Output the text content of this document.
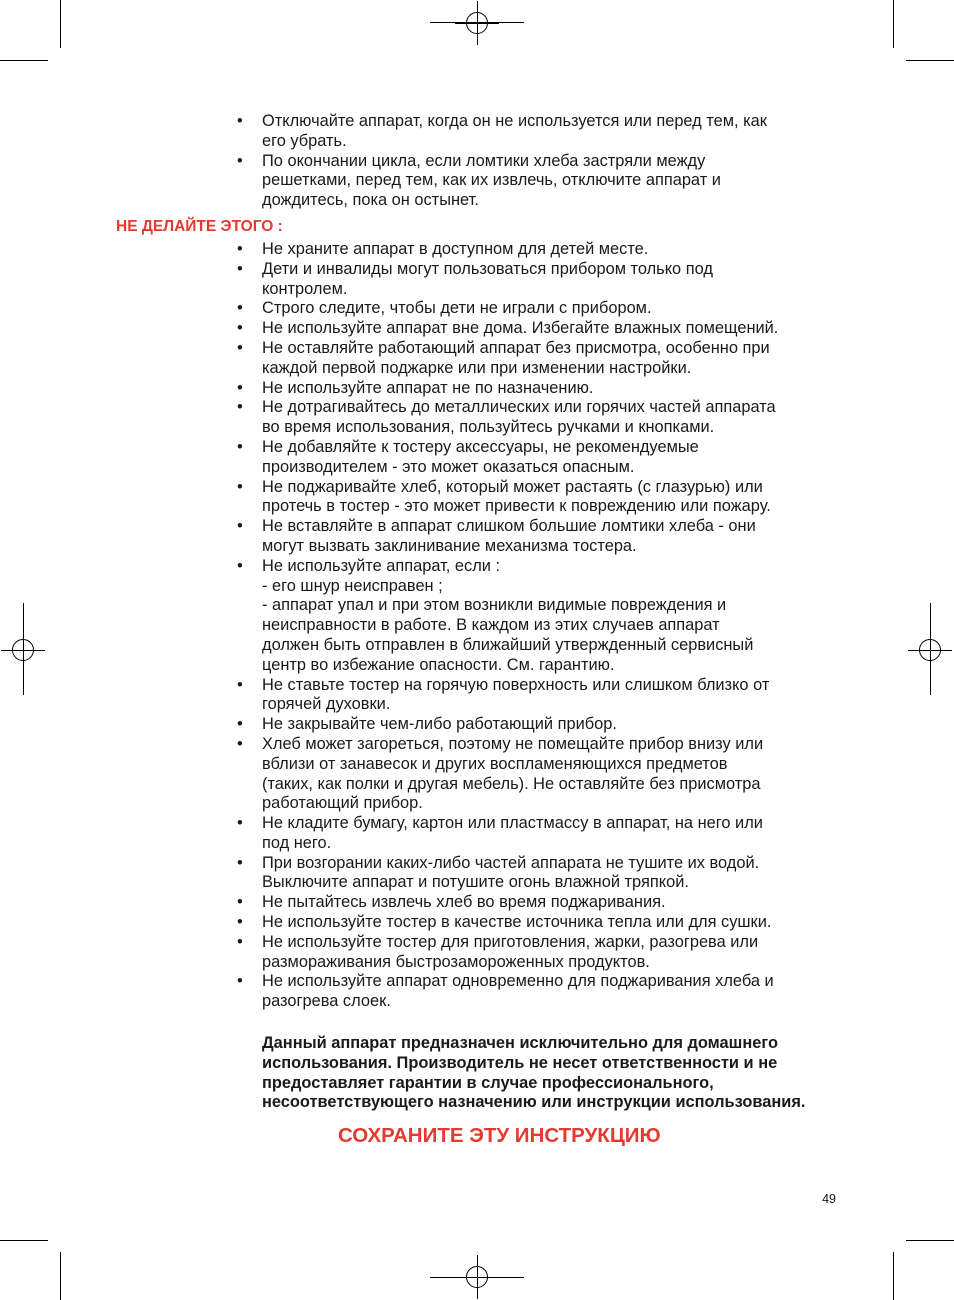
• Отключайте аппарат, когда он не используется или перед тем, как
его убрать.
• По окончании цикла, если ломтики хлеба застряли между
решетками, перед тем, как их извлечь, отключите аппарат и
дождитесь, пока он остынет.
НЕ ДЕЛАЙТЕ ЭТОГО :
• Не храните аппарат в доступном для детей месте.
• Дети и инвалиды могут пользоваться прибором только под
контролем.
• Строго следите, чтобы дети не играли с прибором.
• Не используйте аппарат вне дома. Избегайте влажных помещений.
• Не оставляйте работающий аппарат без присмотра, особенно при
каждой первой поджарке или при изменении настройки.
• Не используйте аппарат не по назначению.
• Не дотрагивайтесь до металлических или горячих частей аппарата
во время использования, пользуйтесь ручками и кнопками.
• Не добавляйте к тостеру аксессуары, не рекомендуемые
производителем - это может оказаться опасным.
• Не поджаривайте хлеб, который может растаять (с глазурью) или
протечь в тостер - это может привести к повреждению или пожару.
• Не вставляйте в аппарат слишком большие ломтики хлеба - они
могут вызвать заклинивание механизма тостера.
• Не используйте аппарат, если :
- его шнур неисправен ;
- аппарат упал и при этом возникли видимые повреждения и
неисправности в работе. В каждом из этих случаев аппарат
должен быть отправлен в ближайший утвержденный сервисный
центр во избежание опасности. См. гарантию.
• Не ставьте тостер на горячую поверхность или слишком близко от
горячей духовки.
• Не закрывайте чем-либо работающий прибор.
• Хлеб может загореться, поэтому не помещайте прибор внизу или
вблизи от занавесок и других воспламеняющихся предметов
(таких, как полки и другая мебель). Не оставляйте без присмотра
работающий прибор.
• Не кладите бумагу, картон или пластмассу в аппарат, на него или
под него.
• При возгорании каких-либо частей аппарата не тушите их водой.
Выключите аппарат и потушите огонь влажной тряпкой.
• Не пытайтесь извлечь хлеб во время поджаривания.
• Не используйте тостер в качестве источника тепла или для сушки.
• Не используйте тостер для приготовления, жарки, разогрева или
размораживания быстрозамороженных продуктов.
• Не используйте аппарат одновременно для поджаривания хлеба и
разогрева слоек.
Данный аппарат предназначен исключительно для домашнего использования. Производитель не несет ответственности и не предоставляет гарантии в случае профессионального, несоответствующего назначению или инструкции использования.
СОХРАНИТЕ ЭТУ ИНСТРУКЦИЮ
49
